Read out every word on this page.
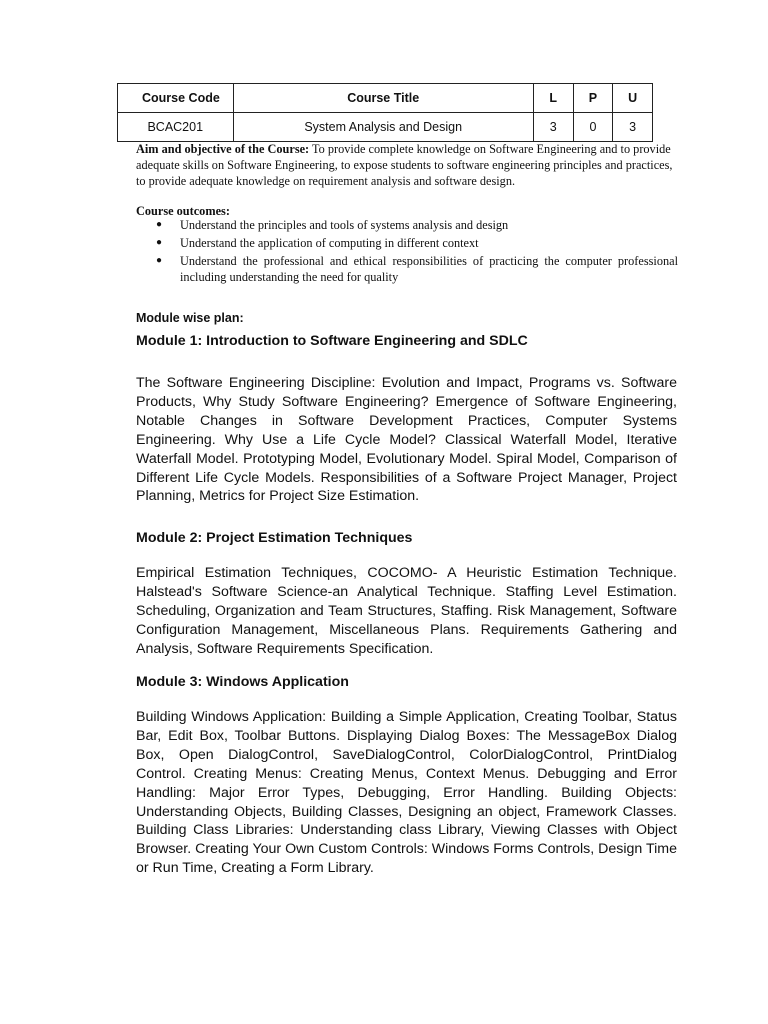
Course Code	Course Title	L	P	U
BCAC201	System Analysis and Design	3	0	3
Aim and objective of the Course: To provide complete knowledge on Software Engineering and to provide adequate skills on Software Engineering, to expose students to software engineering principles and practices, to provide adequate knowledge on requirement analysis and software design.
Course outcomes:
● Understand the principles and tools of systems analysis and design
● Understand the application of computing in different context
● Understand the professional and ethical responsibilities of practicing the computer professional including understanding the need for quality
Module wise plan:
Module 1: Introduction to Software Engineering and SDLC
The Software Engineering Discipline: Evolution and Impact, Programs vs. Software Products, Why Study Software Engineering? Emergence of Software Engineering, Notable Changes in Software Development Practices, Computer Systems Engineering. Why Use a Life Cycle Model? Classical Waterfall Model, Iterative Waterfall Model. Prototyping Model, Evolutionary Model. Spiral Model, Comparison of Different Life Cycle Models. Responsibilities of a Software Project Manager, Project Planning, Metrics for Project Size Estimation.
Module 2: Project Estimation Techniques
Empirical Estimation Techniques, COCOMO- A Heuristic Estimation Technique. Halstead's Software Science-an Analytical Technique. Staffing Level Estimation. Scheduling, Organization and Team Structures, Staffing. Risk Management, Software Configuration Management, Miscellaneous Plans. Requirements Gathering and Analysis, Software Requirements Specification.
Module 3: Windows Application
Building Windows Application: Building a Simple Application, Creating Toolbar, Status Bar, Edit Box, Toolbar Buttons. Displaying Dialog Boxes: The MessageBox Dialog Box, Open DialogControl, SaveDialogControl, ColorDialogControl, PrintDialog Control. Creating Menus: Creating Menus, Context Menus. Debugging and Error Handling: Major Error Types, Debugging, Error Handling. Building Objects: Understanding Objects, Building Classes, Designing an object, Framework Classes. Building Class Libraries: Understanding class Library, Viewing Classes with Object Browser. Creating Your Own Custom Controls: Windows Forms Controls, Design Time or Run Time, Creating a Form Library.
